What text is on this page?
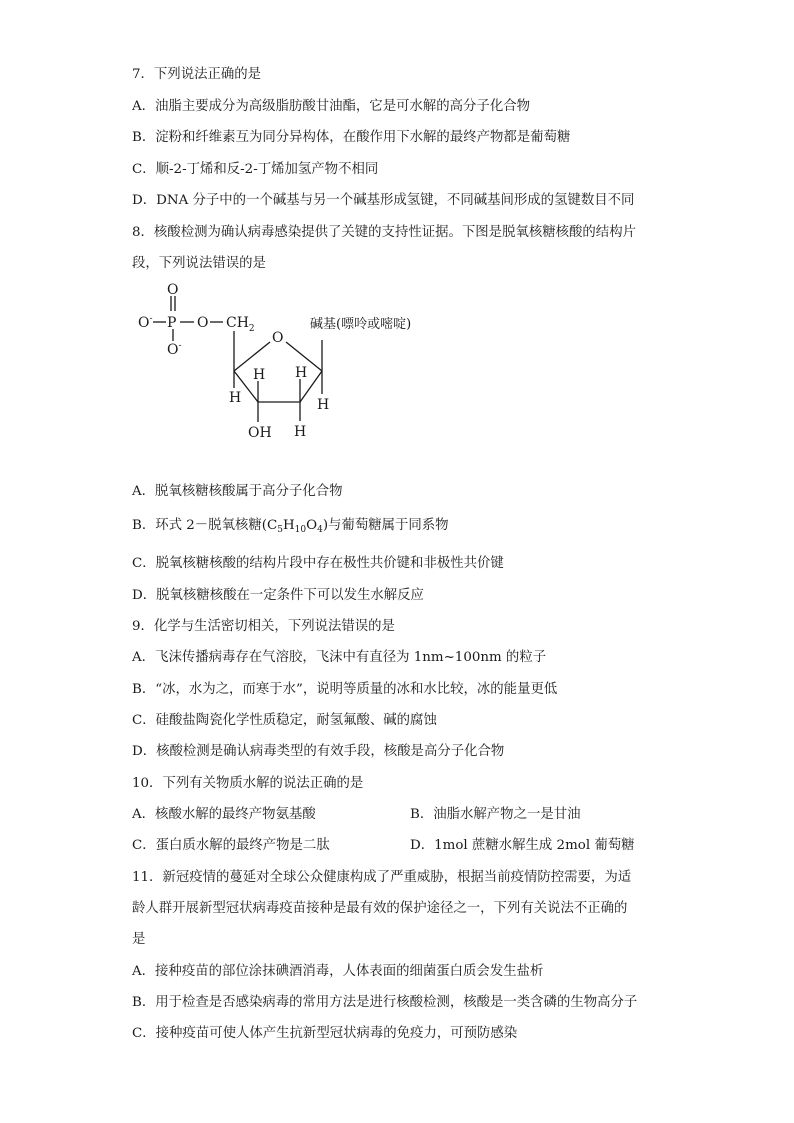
7．下列说法正确的是
A．油脂主要成分为高级脂肪酸甘油酯，它是可水解的高分子化合物
B．淀粉和纤维素互为同分异构体，在酸作用下水解的最终产物都是葡萄糖
C．顺-2-丁烯和反-2-丁烯加氢产物不相同
D．DNA 分子中的一个碱基与另一个碱基形成氢键，不同碱基间形成的氢键数目不同
8．核酸检测为确认病毒感染提供了关键的支持性证据。下图是脱氧核糖核酸的结构片
段，下列说法错误的是
O
P
O-
O-
O $CH_2$
O
碱基(嘌呤或嘧啶)
H
H H
H
H
OH
A．脱氧核糖核酸属于高分子化合物
B．环式 2－脱氧核糖$(C_5H_{10}O_4)$与葡萄糖属于同系物
C．脱氧核糖核酸的结构片段中存在极性共价键和非极性共价键
D．脱氧核糖核酸在一定条件下可以发生水解反应
9．化学与生活密切相关，下列说法错误的是
A．飞沫传播病毒存在气溶胶，飞沫中有直径为 1nm~100nm 的粒子
B．“冰，水为之，而寒于水”，说明等质量的冰和水比较，冰的能量更低
C．硅酸盐陶瓷化学性质稳定，耐氢氟酸、碱的腐蚀
D．核酸检测是确认病毒类型的有效手段，核酸是高分子化合物
10．下列有关物质水解的说法正确的是
A．核酸水解的最终产物氨基酸	B．油脂水解产物之一是甘油
C．蛋白质水解的最终产物是二肽	D．1mol 蔗糖水解生成 2mol 葡萄糖
11．新冠疫情的蔓延对全球公众健康构成了严重威胁，根据当前疫情防控需要，为适
龄人群开展新型冠状病毒疫苗接种是最有效的保护途径之一，下列有关说法不正确的
是
A．接种疫苗的部位涂抹碘酒消毒，人体表面的细菌蛋白质会发生盐析
B．用于检查是否感染病毒的常用方法是进行核酸检测，核酸是一类含磷的生物高分子
C．接种疫苗可使人体产生抗新型冠状病毒的免疫力，可预防感染
